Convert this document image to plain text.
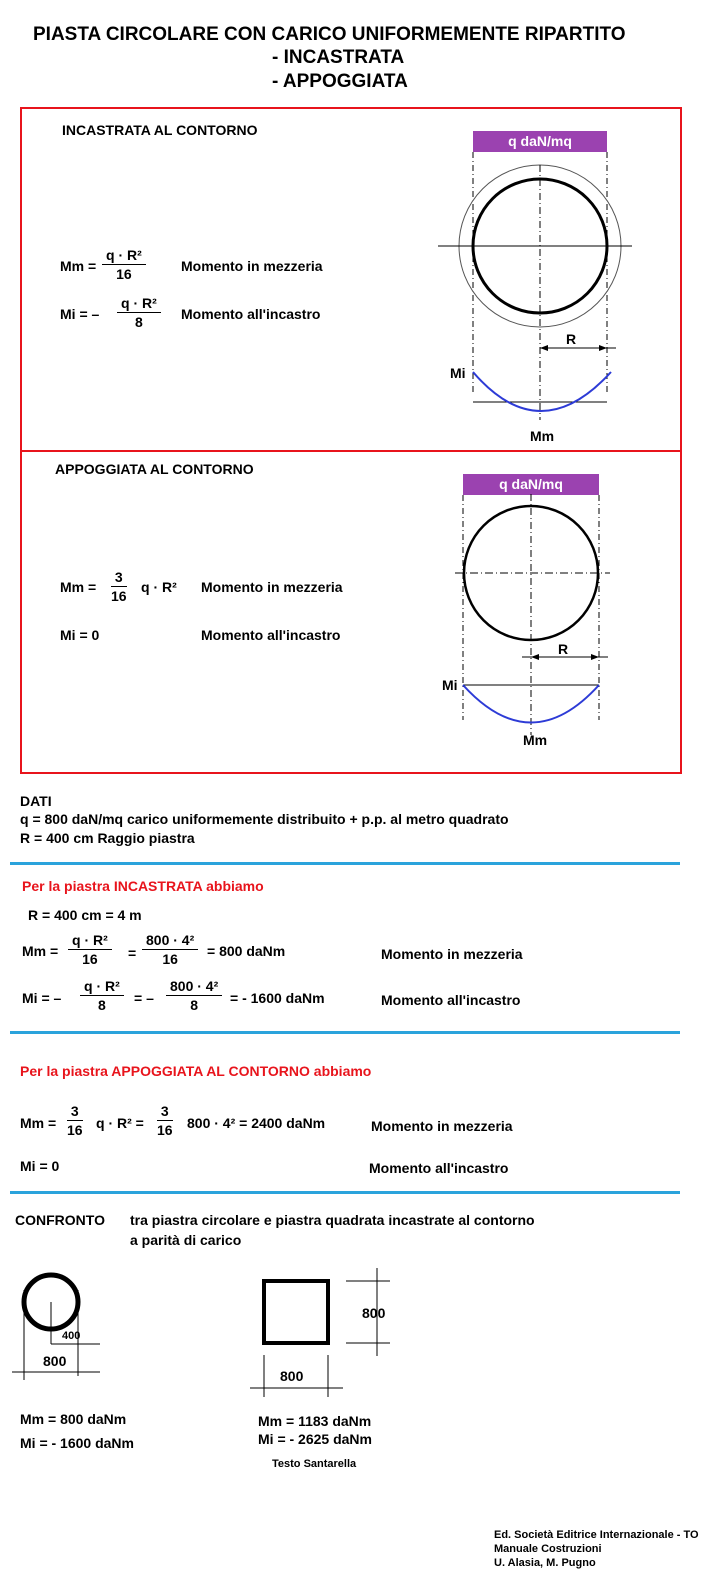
PIASTA CIRCOLARE CON CARICO UNIFORMEMENTE RIPARTITO
- INCASTRATA
- APPOGGIATA
INCASTRATA AL CONTORNO
$Mm = \frac{\text{q · R²}}{16}$	Momento in mezzeria
Mi = – $\frac{\text{q · R²}}{8}$ Momento all'incastro
q daN/mq
R
Mi
Mm
APPOGGIATA AL CONTORNO
$Mm = \frac{3}{16}$ q · R² Momento in mezzeria
Mi = 0	Momento all'incastro
q daN/mq
R
Mi
Mm
DATI
q = 800 daN/mq carico uniformemente distribuito + p.p. al metro quadrato
R = 400 cm Raggio piastra
Per la piastra INCASTRATA abbiamo
R = 400 cm = 4 m
$Mm = \frac{\text{q · R²}}{16} = \frac{\text{800 · 4²}}{16} = 800$ daNm	Momento in mezzeria
Mi = – $\frac{\text{q · R²}}{8}$ = – $\frac{\text{800 · 4²}}{8}$ = - 1600 daNm	Momento all'incastro
Per la piastra APPOGGIATA AL CONTORNO abbiamo
$Mm = \frac{3}{16}$ $q \cdot R^2 = \frac{3}{16} 800 \cdot 4^2 = 2400$ daNm	Momento in mezzeria
Mi = 0	Momento all'incastro
CONFRONTO tra piastra circolare e piastra quadrata incastrate al contorno
a parità di carico
400
800
800
800
Mm = 800 daNm
Mi = - 1600 daNm
Mm = 1183 daNm
Mi = - 2625 daNm
Testo Santarella
Ed. Società Editrice Internazionale - TO
Manuale Costruzioni
U. Alasia, M. Pugno
